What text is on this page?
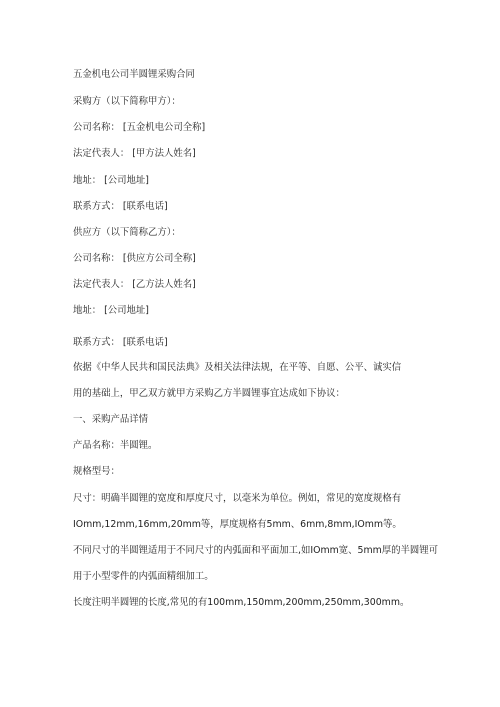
五金机电公司半圆锂采购合同
采购方（以下简称甲方）：
公司名称： [五金机电公司全称]
法定代表人： [甲方法人姓名]
地址： [公司地址]
联系方式： [联系电话]
供应方（以下简称乙方）：
公司名称： [供应方公司全称]
法定代表人： [乙方法人姓名]
地址： [公司地址]
联系方式： [联系电话]
依据《中华人民共和国民法典》及相关法律法规，在平等、自愿、公平、诚实信
用的基础上，甲乙双方就甲方采购乙方半圆锂事宜达成如下协议：
一、采购产品详情
产品名称：半圆锂。
规格型号：
尺寸：明确半圆锂的宽度和厚度尺寸，以毫米为单位。例如，常见的宽度规格有
IOmm,12mm,16mm,20mm等，厚度规格有5mm、6mm,8mm,IOmm等。
不同尺寸的半圆锂适用于不同尺寸的内弧面和平面加工,如IOmm宽、5mm厚的半圆锂可
用于小型零件的内弧面精细加工。
长度注明半圆锂的长度,常见的有100mm,150mm,200mm,250mm,300mm。
